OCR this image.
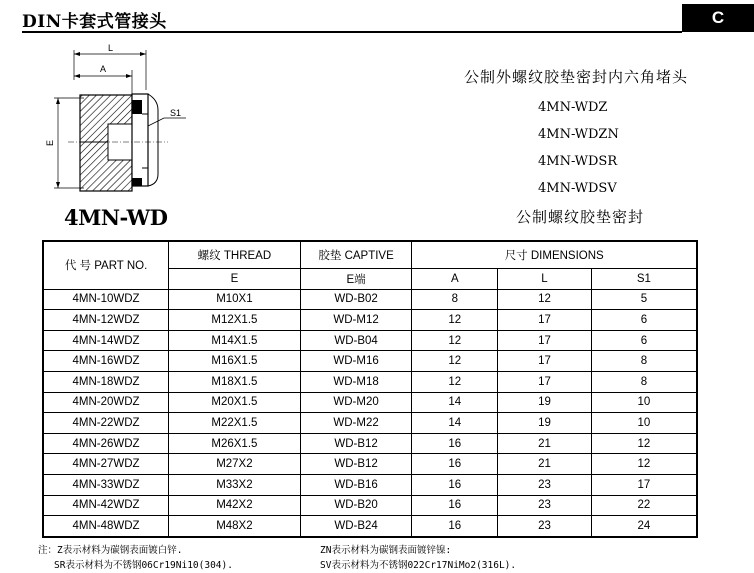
DIN卡套式管接头	C
L
A
E
S1
4MN-WD
公制外螺纹胶垫密封内六角堵头
4MN-WDZ
4MN-WDZN
4MN-WDSR
4MN-WDSV
公制螺纹胶垫密封
代 号 PART NO.	螺纹 THREAD	胶垫 CAPTIVE	尺寸 DIMENSIONS		
	E	E端	A	L	S1
4MN-10WDZ	M10X1	WD-B02	8	12	5
4MN-12WDZ	M12X1.5	WD-M12	12	17	6
4MN-14WDZ	M14X1.5	WD-B04	12	17	6
4MN-16WDZ	M16X1.5	WD-M16	12	17	8
4MN-18WDZ	M18X1.5	WD-M18	12	17	8
4MN-20WDZ	M20X1.5	WD-M20	14	19	10
4MN-22WDZ	M22X1.5	WD-M22	14	19	10
4MN-26WDZ	M26X1.5	WD-B12	16	21	12
4MN-27WDZ	M27X2	WD-B12	16	21	12
4MN-33WDZ	M33X2	WD-B16	16	23	17
4MN-42WDZ	M42X2	WD-B20	16	23	22
4MN-48WDZ	M48X2	WD-B24	16	23	24
注：Z表示材料为碳钢表面镀白锌.	ZN表示材料为碳钢表面镀锌镍:
SR表示材料为不锈钢06Cr19Ni10(304).	SV表示材料为不锈钢022Cr17NiMo2(316L).
